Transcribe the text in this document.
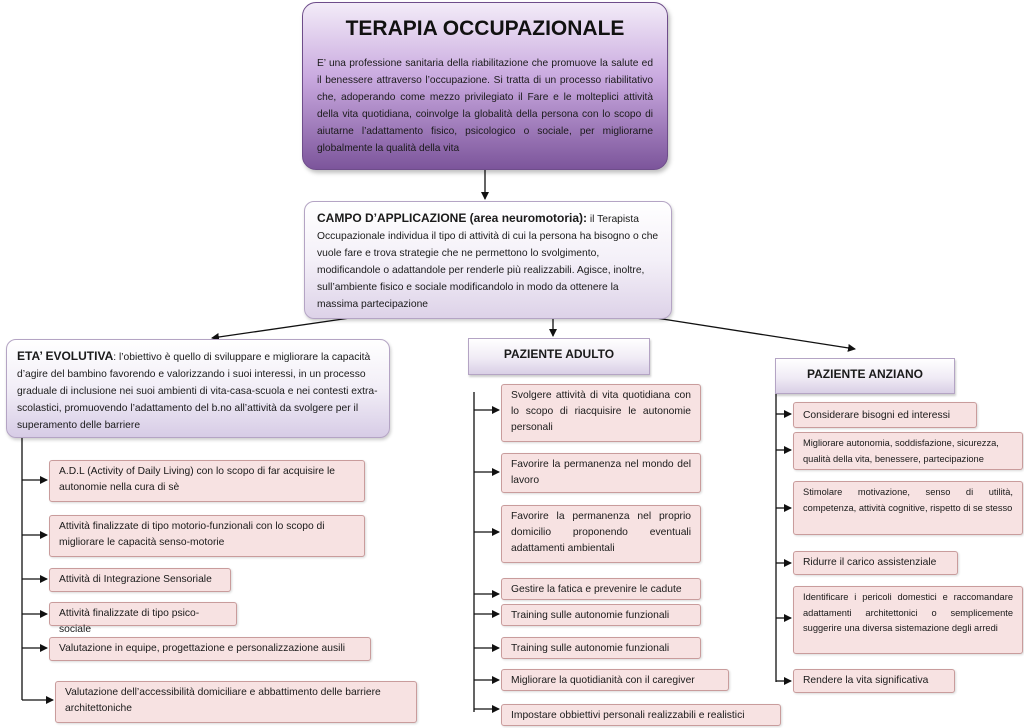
TERAPIA OCCUPAZIONALE

E’ una professione sanitaria della riabilitazione che promuove la salute ed il benessere attraverso l’occupazione. Si tratta di un processo riabilitativo che, adoperando come mezzo privilegiato il Fare e le molteplici attività della vita quotidiana, coinvolge la globalità della persona con lo scopo di aiutarne l’adattamento fisico, psicologico o sociale, per migliorarne globalmente la qualità della vita

CAMPO D’APPLICAZIONE (area neuromotoria): il Terapista Occupazionale individua il tipo di attività di cui la persona ha bisogno o che vuole fare e trova strategie che ne permettono lo svolgimento, modificandole o adattandole per renderle più realizzabili. Agisce, inoltre, sull’ambiente fisico e sociale modificandolo in modo da ottenere la massima partecipazione
ETA’ EVOLUTIVA: l’obiettivo è quello di sviluppare e migliorare la capacità d’agire del bambino favorendo e valorizzando i suoi interessi, in un processo graduale di inclusione nei suoi ambienti di vita-casa-scuola e nei contesti extra-scolastici, promuovendo l’adattamento del b.no all’attività da svolgere per il superamento delle barriere
A.D.L (Activity of Daily Living) con lo scopo di far acquisire le autonomie nella cura di sè
Attività finalizzate di tipo motorio-funzionali con lo scopo di migliorare le capacità senso-motorie
Attività di Integrazione Sensoriale
Attività finalizzate di tipo psico-sociale
Valutazione in equipe, progettazione e personalizzazione ausili
Valutazione dell’accessibilità domiciliare e abbattimento delle barriere architettoniche
PAZIENTE ADULTO
Svolgere attività di vita quotidiana con lo scopo di riacquisire le autonomie personali
Favorire la permanenza nel mondo del lavoro
Favorire la permanenza nel proprio domicilio proponendo eventuali adattamenti ambientali
Gestire la fatica e prevenire le cadute
Training sulle autonomie funzionali
Training sulle autonomie funzionali
Migliorare la quotidianità con il caregiver
Impostare obbiettivi personali realizzabili e realistici
PAZIENTE ANZIANO
Considerare bisogni ed interessi
Migliorare autonomia, soddisfazione, sicurezza, qualità della vita, benessere, partecipazione
Stimolare motivazione, senso di utilità, competenza, attività cognitive, rispetto di se stesso
Ridurre il carico assistenziale
Identificare i pericoli domestici e raccomandare adattamenti architettonici o semplicemente suggerire una diversa sistemazione degli arredi
Rendere la vita significativa
